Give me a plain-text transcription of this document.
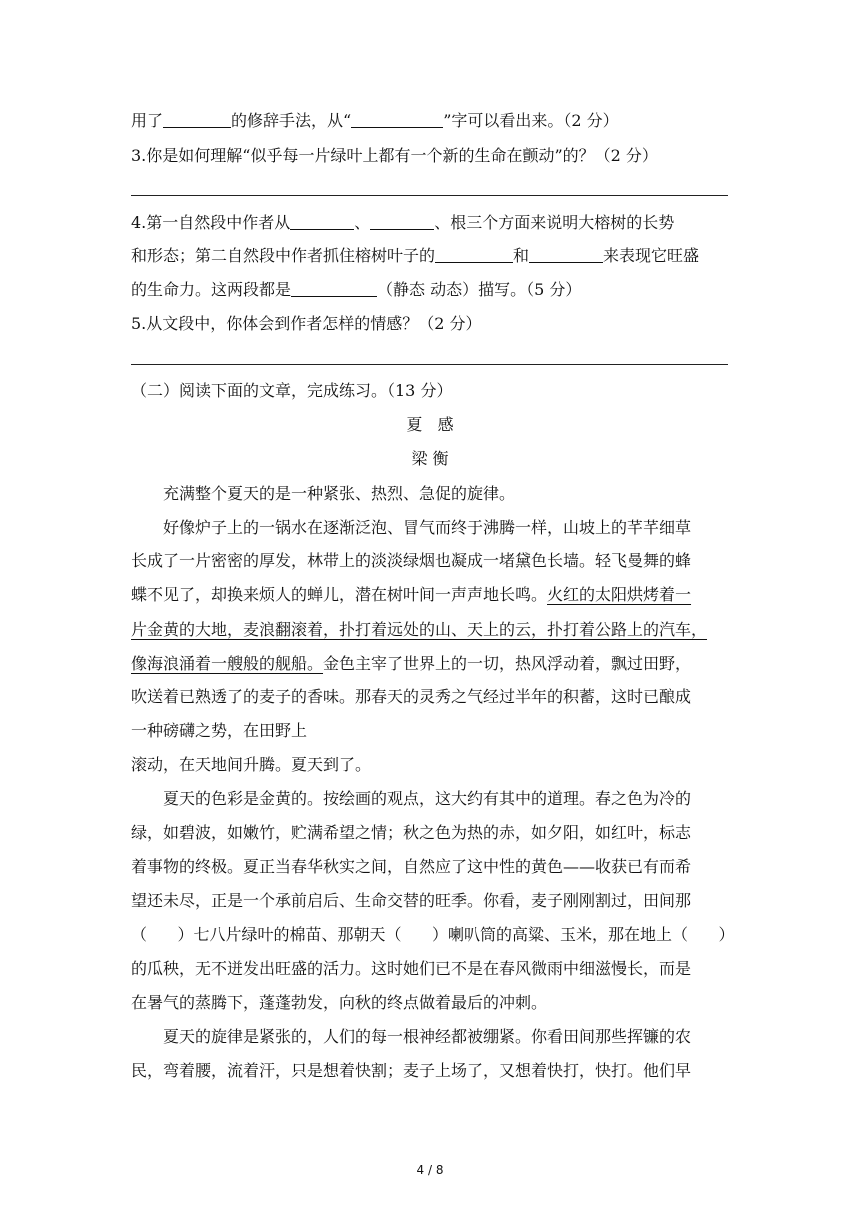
用了	的修辞手法，从“	”字可以看出来。（2 分）
3.你是如何理解“似乎每一片绿叶上都有一个新的生命在颤动”的？（2 分）
4.第一自然段中作者从	、	、根三个方面来说明大榕树的长势
和形态；第二自然段中作者抓住榕树叶子的	和	来表现它旺盛
的生命力。这两段都是	（静态 动态）描写。（5 分）
5.从文段中，你体会到作者怎样的情感？（2 分）
（二）阅读下面的文章，完成练习。（13 分）
夏   感
梁 衡
充满整个夏天的是一种紧张、热烈、急促的旋律。
好像炉子上的一锅水在逐渐泛泡、冒气而终于沸腾一样，山坡上的芊芊细草
长成了一片密密的厚发，林带上的淡淡绿烟也凝成一堵黛色长墙。轻飞曼舞的蜂
蝶不见了，却换来烦人的蝉儿，潜在树叶间一声声地长鸣。火红的太阳烘烤着一
片金黄的大地，麦浪翻滚着，扑打着远处的山、天上的云，扑打着公路上的汽车，
像海浪涌着一艘般的舰船。金色主宰了世界上的一切，热风浮动着，飘过田野，
吹送着已熟透了的麦子的香味。那春天的灵秀之气经过半年的积蓄，这时已酿成
一种磅礴之势，在田野上
滚动，在天地间升腾。夏天到了。
夏天的色彩是金黄的。按绘画的观点，这大约有其中的道理。春之色为冷的
绿，如碧波，如嫩竹，贮满希望之情；秋之色为热的赤，如夕阳，如红叶，标志
着事物的终极。夏正当春华秋实之间，自然应了这中性的黄色——收获已有而希
望还未尽，正是一个承前启后、生命交替的旺季。你看，麦子刚刚割过，田间那
（      ）七八片绿叶的棉苗、那朝天（      ）喇叭筒的高粱、玉米，那在地上（      ）
的瓜秧，无不迸发出旺盛的活力。这时她们已不是在春风微雨中细滋慢长，而是
在暑气的蒸腾下，蓬蓬勃发，向秋的终点做着最后的冲刺。
夏天的旋律是紧张的，人们的每一根神经都被绷紧。你看田间那些挥镰的农
民，弯着腰，流着汗，只是想着快割；麦子上场了，又想着快打，快打。他们早
4 / 8
